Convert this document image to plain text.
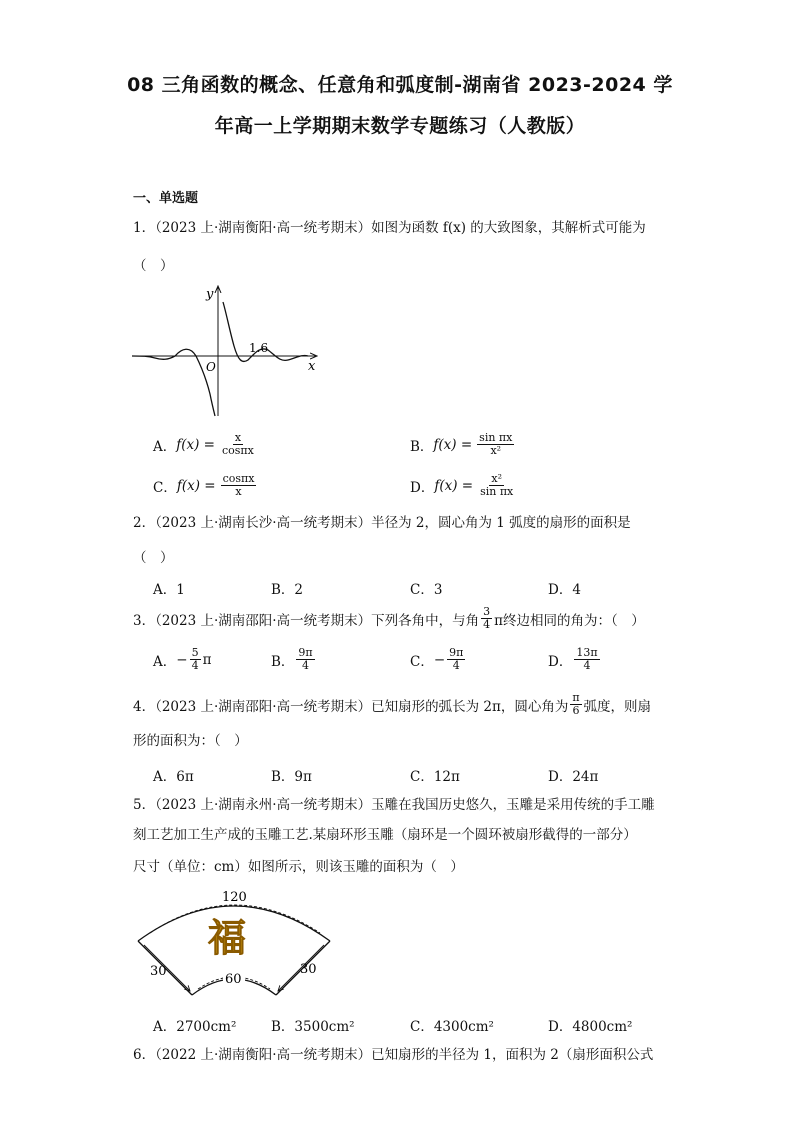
08 三角函数的概念、任意角和弧度制-湖南省 2023-2024 学
年高一上学期期末数学专题练习（人教版）
一、单选题
1．（2023 上·湖南衡阳·高一统考期末）如图为函数 f(x) 的大致图象，其解析式可能为
（　）
y
x
O
1.6
A． $f(x) = \frac{x}{\cos\pi x}$	B． $f(x) = \frac{\text{sin πx}}{\text{x²}}$
C． $f(x) = \frac{\cos\pi x}{x}$	D． $f(x) = \frac{\text{x²}}{\text{sin πx}}$
2．（2023 上·湖南长沙·高一统考期末）半径为 2，圆心角为 1 弧度的扇形的面积是
（　）
A．1	B．2	C．3	D．4
3．（2023 上·湖南邵阳·高一统考期末）下列各角中，与角 $\frac{3}{4}$ π终边相同的角为：（　）
A． − $\frac{5}{4}$ π	B． $\frac{9\pi}{4}$	C． − $\frac{9\pi}{4}$	D． $\frac{13\pi}{4}$
4．（2023 上·湖南邵阳·高一统考期末）已知扇形的弧长为 2π，圆心角为 $\frac{\pi}{6}$ 弧度，则扇
形的面积为：（　）
A．6π	B．9π	C．12π	D．24π
5．（2023 上·湖南永州·高一统考期末）玉雕在我国历史悠久，玉雕是采用传统的手工雕
刻工艺加工生产成的玉雕工艺.某扇环形玉雕（扇环是一个圆环被扇形截得的一部分）
尺寸（单位：cm）如图所示，则该玉雕的面积为（　）
120
60
30	30
福
A．2700cm²	B．3500cm²	C．4300cm²	D．4800cm²
6．（2022 上·湖南衡阳·高一统考期末）已知扇形的半径为 1，面积为 2（扇形面积公式
